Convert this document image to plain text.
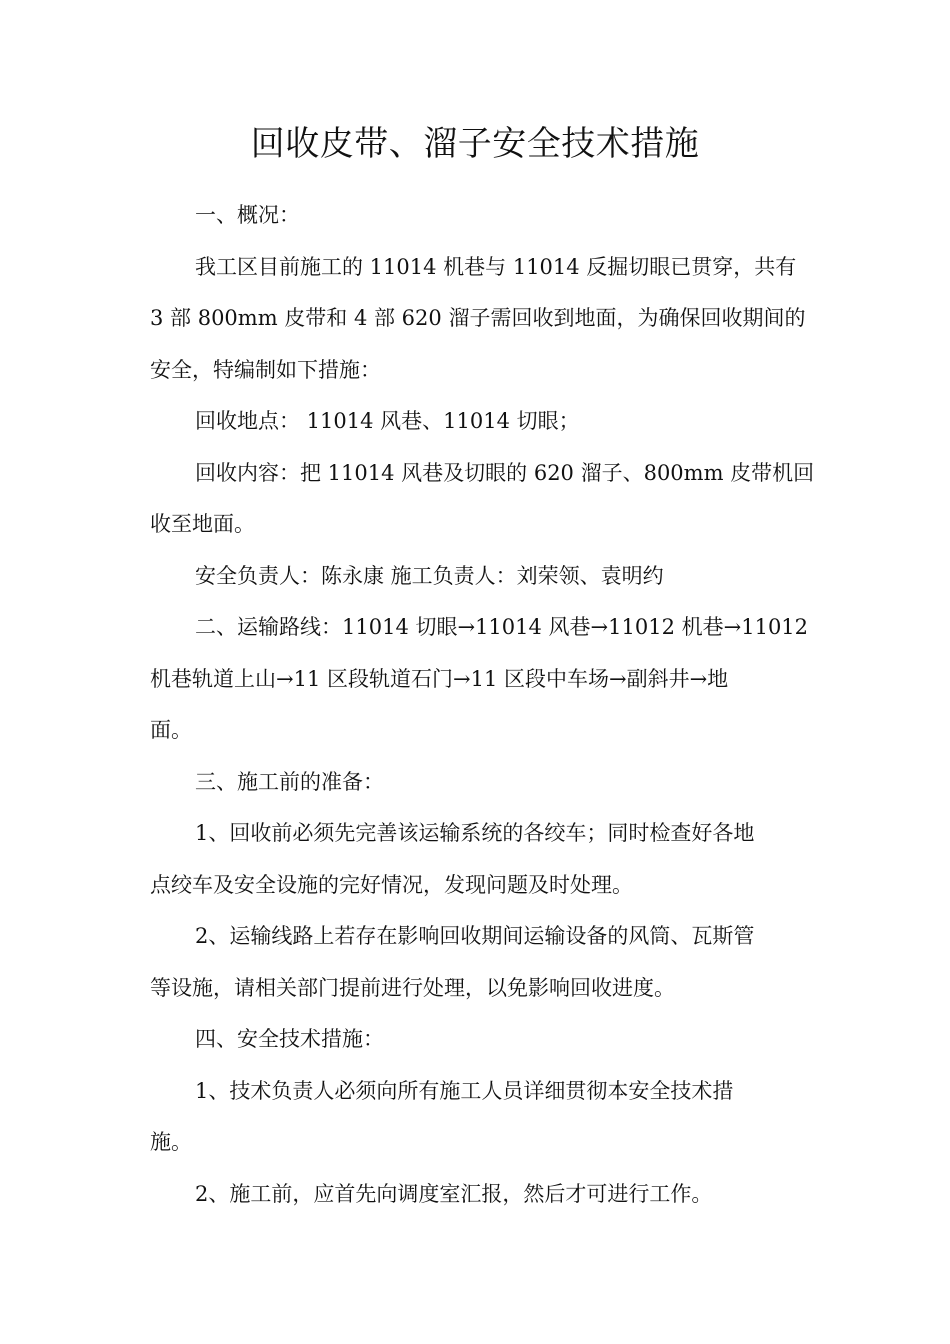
回收皮带、溜子安全技术措施
一、概况：
我工区目前施工的 11014 机巷与 11014 反掘切眼已贯穿，共有
3 部 800mm 皮带和 4 部 620 溜子需回收到地面，为确保回收期间的
安全，特编制如下措施：
回收地点： 11014 风巷、11014 切眼；
回收内容：把 11014 风巷及切眼的 620 溜子、800mm 皮带机回
收至地面。
安全负责人：陈永康 施工负责人：刘荣领、袁明约
二、运输路线：11014 切眼→11014 风巷→11012 机巷→11012
机巷轨道上山→11 区段轨道石门→11 区段中车场→副斜井→地
面。
三、施工前的准备：
1、回收前必须先完善该运输系统的各绞车；同时检查好各地
点绞车及安全设施的完好情况，发现问题及时处理。
2、运输线路上若存在影响回收期间运输设备的风筒、瓦斯管
等设施，请相关部门提前进行处理，以免影响回收进度。
四、安全技术措施：
1、技术负责人必须向所有施工人员详细贯彻本安全技术措
施。
2、施工前，应首先向调度室汇报，然后才可进行工作。
